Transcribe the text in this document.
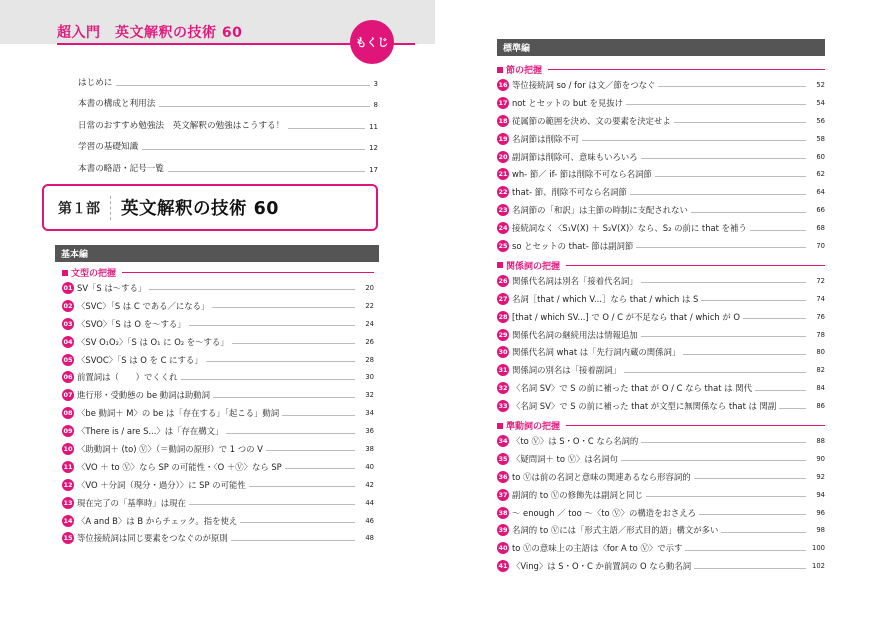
超入門　英文解釈の技術 60
もくじ
はじめに	3
本書の構成と利用法	8
日常のおすすめ勉強法　英文解釈の勉強はこうする！	11
学習の基礎知識	12
本書の略語・記号一覧	17
第１部 英文解釈の技術 60
基本編
文型の把握
01 SV「S は～する」	20
02 〈SVC〉「S は C である／になる」	22
03 〈SVO〉「S は O を～する」	24
04 〈SV O₁O₂〉「S は O₁ に O₂ を～する」	26
05 〈SVOC〉「S は O を C にする」	28
06 前置詞は（　　）でくくれ	30
07 進行形・受動態の be 動詞は助動詞	32
08 〈be 動詞＋ M〉の be は「存在する」「起こる」動詞	34
09 〈There is / are S...〉は「存在構文」	36
10 〈助動詞＋ (to) Ⓥ〉（＝動詞の原形）で 1 つの V	38
11 〈VO ＋ to Ⓥ〉なら SP の可能性・〈O ＋Ⓥ〉なら SP	40
12 〈VO ＋分詞（現分・過分）〉に SP の可能性	42
13 現在完了の「基準時」は現在	44
14 〈A and B〉は B からチェック。指を使え	46
15 等位接続詞は同じ要素をつなぐのが原則	48
標準編
節の把握
16 等位接続詞 so / for は文／節をつなぐ	52
17 not とセットの but を見抜け	54
18 従属節の範囲を決め、文の要素を決定せよ	56
19 名詞節は削除不可	58
20 副詞節は削除可、意味もいろいろ	60
21 wh- 節／ if- 節は削除不可なら名詞節	62
22 that- 節、削除不可なら名詞節	64
23 名詞節の「和訳」は主節の時制に支配されない	66
24 接続詞なく〈S₁V(X) ＋ S₂V(X)〉なら、S₂ の前に that を補う	68
25 so とセットの that- 節は副詞節	70
関係詞の把握
26 関係代名詞は別名「接着代名詞」	72
27 名詞［that / which V...］なら that / which は S	74
28 [that / which SV...] で O / C が不足なら that / which が O	76
29 関係代名詞の継続用法は情報追加	78
30 関係代名詞 what は「先行詞内蔵の関係詞」	80
31 関係詞の別名は「接着副詞」	82
32 〈名詞 SV〉で S の前に補った that が O / C なら that は 関代	84
33 〈名詞 SV〉で S の前に補った that が文型に無関係なら that は 関副	86
準動詞の把握
34 〈to Ⓥ〉は S・O・C なら名詞的	88
35 〈疑問詞＋ to Ⓥ〉は名詞句	90
36 to Ⓥは前の名詞と意味の関連あるなら形容詞的	92
37 副詞的 to Ⓥの修飾先は副詞と同じ	94
38 ～ enough ／ too ～〈to Ⓥ〉の構造をおさえろ	96
39 名詞的 to Ⓥには「形式主語／形式目的語」構文が多い	98
40 to Ⓥの意味上の主語は〈for A to Ⓥ〉で示す	100
41 〈Ving〉は S・O・C か前置詞の O なら動名詞	102
